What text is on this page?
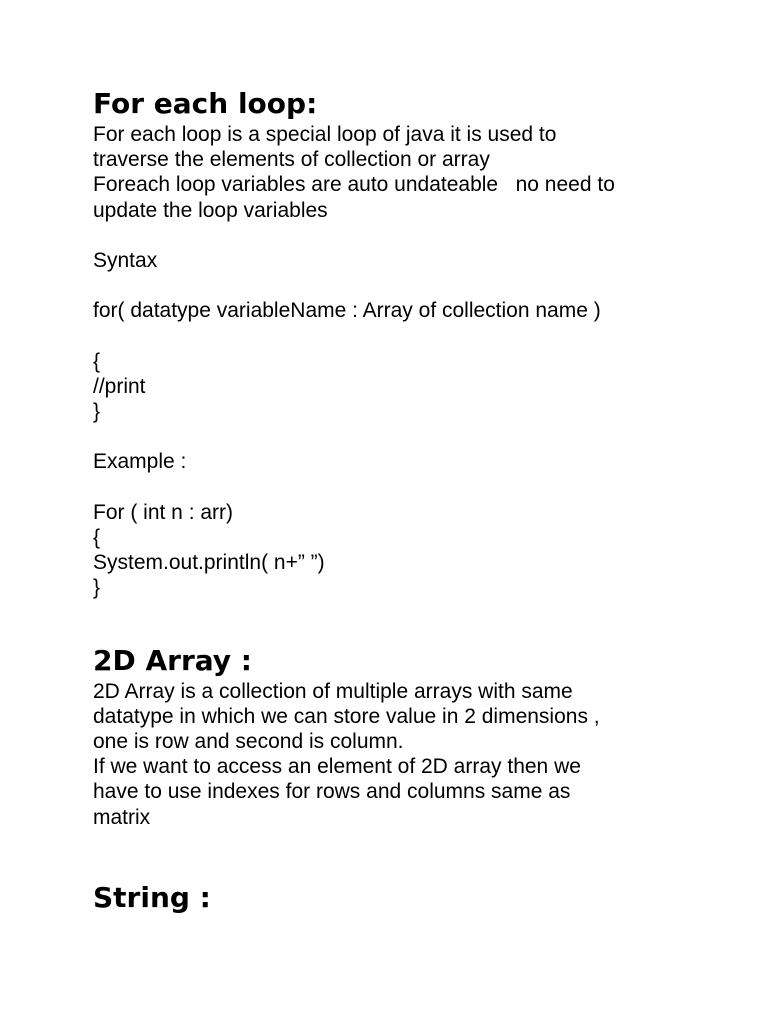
For each loop:

For each loop is a special loop of java it is used to

traverse the elements of collection or array

Foreach loop variables are auto undateable   no need to

update the loop variables

Syntax

for( datatype variableName : Array of collection name )

{

//print

}

Example :

For ( int n : arr)

{

System.out.println( n+” ”)

}

2D Array :

2D Array is a collection of multiple arrays with same

datatype in which we can store value in 2 dimensions ,

one is row and second is column.

If we want to access an element of 2D array then we

have to use indexes for rows and columns same as

matrix

String :
